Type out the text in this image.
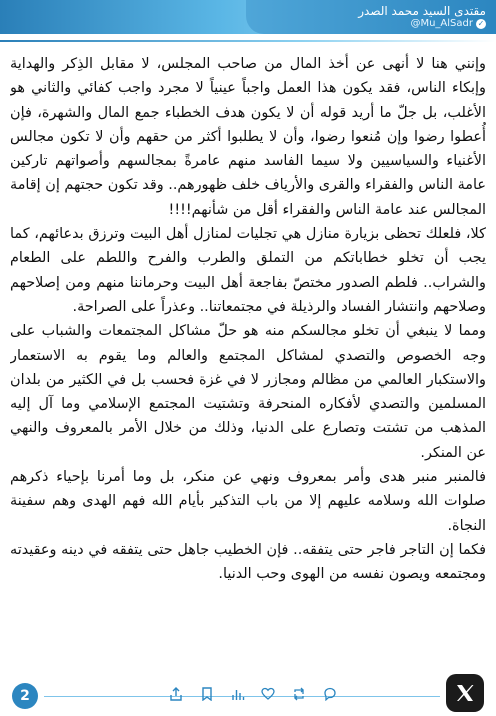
مقتدى السيد محمد الصدر
@Mu_AlSadr ✓

وإنني هنا لا أنهى عن أخذ المال من صاحب المجلس، لا مقابل الذِكر والهداية وإبكاء الناس، فقد يكون هذا العمل واجباً عينياً لا مجرد واجب كفائي والثاني هو الأغلب، بل جلّ ما أريد قوله أن لا يكون هدف الخطباء جمع المال والشهرة، فإن أُعطوا رضوا وإن مُنعوا رضوا، وأن لا يطلبوا أكثر من حقهم وأن لا تكون مجالس الأغنياء والسياسيين ولا سيما الفاسد منهم عامرةً بمجالسهم وأصواتهم تاركين عامة الناس والفقراء والقرى والأرياف خلف ظهورهم.. وقد تكون حجتهم إن إقامة المجالس عند عامة الناس والفقراء أقل من شأنهم!!!!

كلا، فلعلك تحظى بزيارة منازل هي تجليات لمنازل أهل البيت وترزق بدعائهم، كما يجب أن تخلو خطاباتكم من التملق والطرب والفرح واللطم على الطعام والشراب.. فلطم الصدور مختصّ بفاجعة أهل البيت وحرماننا منهم ومن إصلاحهم وصلاحهم وانتشار الفساد والرذيلة في مجتمعاتنا.. وعذراً على الصراحة.

ومما لا ينبغي أن تخلو مجالسكم منه هو حلّ مشاكل المجتمعات والشباب على وجه الخصوص والتصدي لمشاكل المجتمع والعالم وما يقوم به الاستعمار والاستكبار العالمي من مظالم ومجازر لا في غزة فحسب بل في الكثير من بلدان المسلمين والتصدي لأفكاره المنحرفة وتشتيت المجتمع الإسلامي وما آل إليه المذهب من تشتت وتصارع على الدنيا، وذلك من خلال الأمر بالمعروف والنهي عن المنكر.

فالمنبر منبر هدى وأمر بمعروف ونهي عن منكر، بل وما أمرنا بإحياء ذكرهم صلوات الله وسلامه عليهم إلا من باب التذكير بأيام الله فهم الهدى وهم سفينة النجاة.

فكما إن التاجر فاجر حتى يتفقه.. فإن الخطيب جاهل حتى يتفقه في دينه وعقيدته ومجتمعه ويصون نفسه من الهوى وحب الدنيا.

2
